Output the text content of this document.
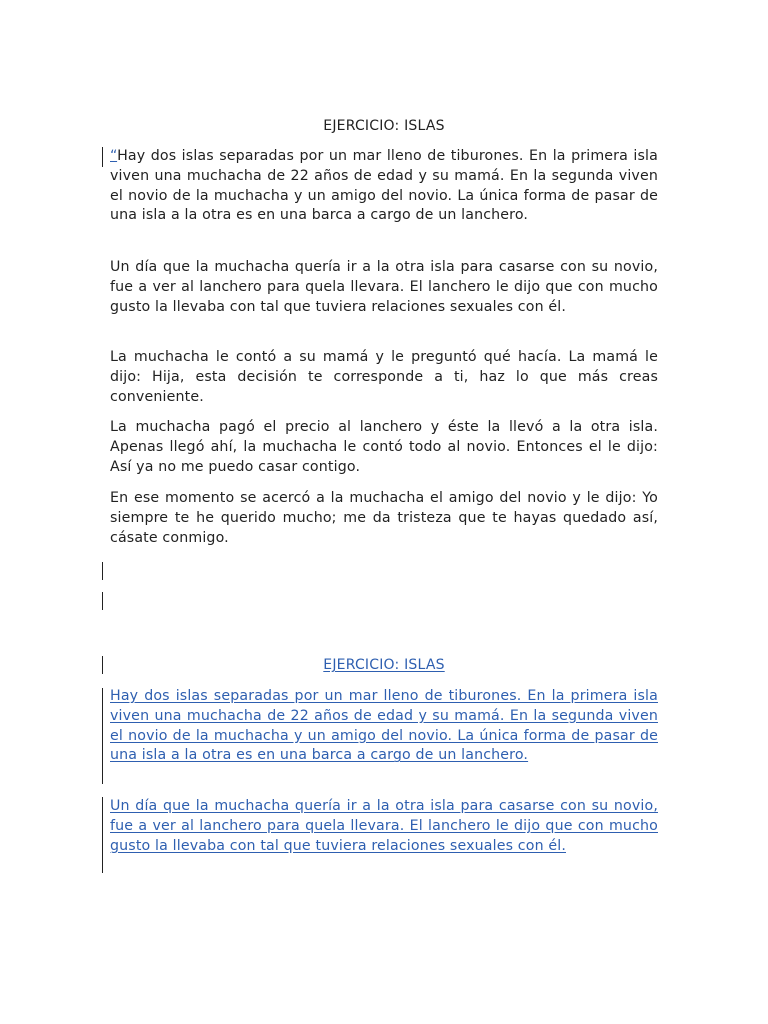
EJERCICIO: ISLAS
“Hay dos islas separadas por un mar lleno de tiburones. En la primera isla viven una muchacha de 22 años de edad y su mamá. En la segunda viven el novio de la muchacha y un amigo del novio. La única forma de pasar de una isla a la otra es en una barca a cargo de un lanchero.
Un día que la muchacha quería ir a la otra isla para casarse con su novio, fue a ver al lanchero para quela llevara. El lanchero le dijo que con mucho gusto la llevaba con tal que tuviera relaciones sexuales con él.
La muchacha le contó a su mamá y le preguntó qué hacía. La mamá le dijo: Hija, esta decisión te corresponde a ti, haz lo que más creas conveniente.
La muchacha pagó el precio al lanchero y éste la llevó a la otra isla. Apenas llegó ahí, la muchacha le contó todo al novio. Entonces el le dijo: Así ya no me puedo casar contigo.
En ese momento se acercó a la muchacha el amigo del novio y le dijo: Yo siempre te he querido mucho; me da tristeza que te hayas quedado así, cásate conmigo.
EJERCICIO: ISLAS
Hay dos islas separadas por un mar lleno de tiburones. En la primera isla viven una muchacha de 22 años de edad y su mamá. En la segunda viven el novio de la muchacha y un amigo del novio. La única forma de pasar de una isla a la otra es en una barca a cargo de un lanchero.
Un día que la muchacha quería ir a la otra isla para casarse con su novio, fue a ver al lanchero para quela llevara. El lanchero le dijo que con mucho gusto la llevaba con tal que tuviera relaciones sexuales con él.
